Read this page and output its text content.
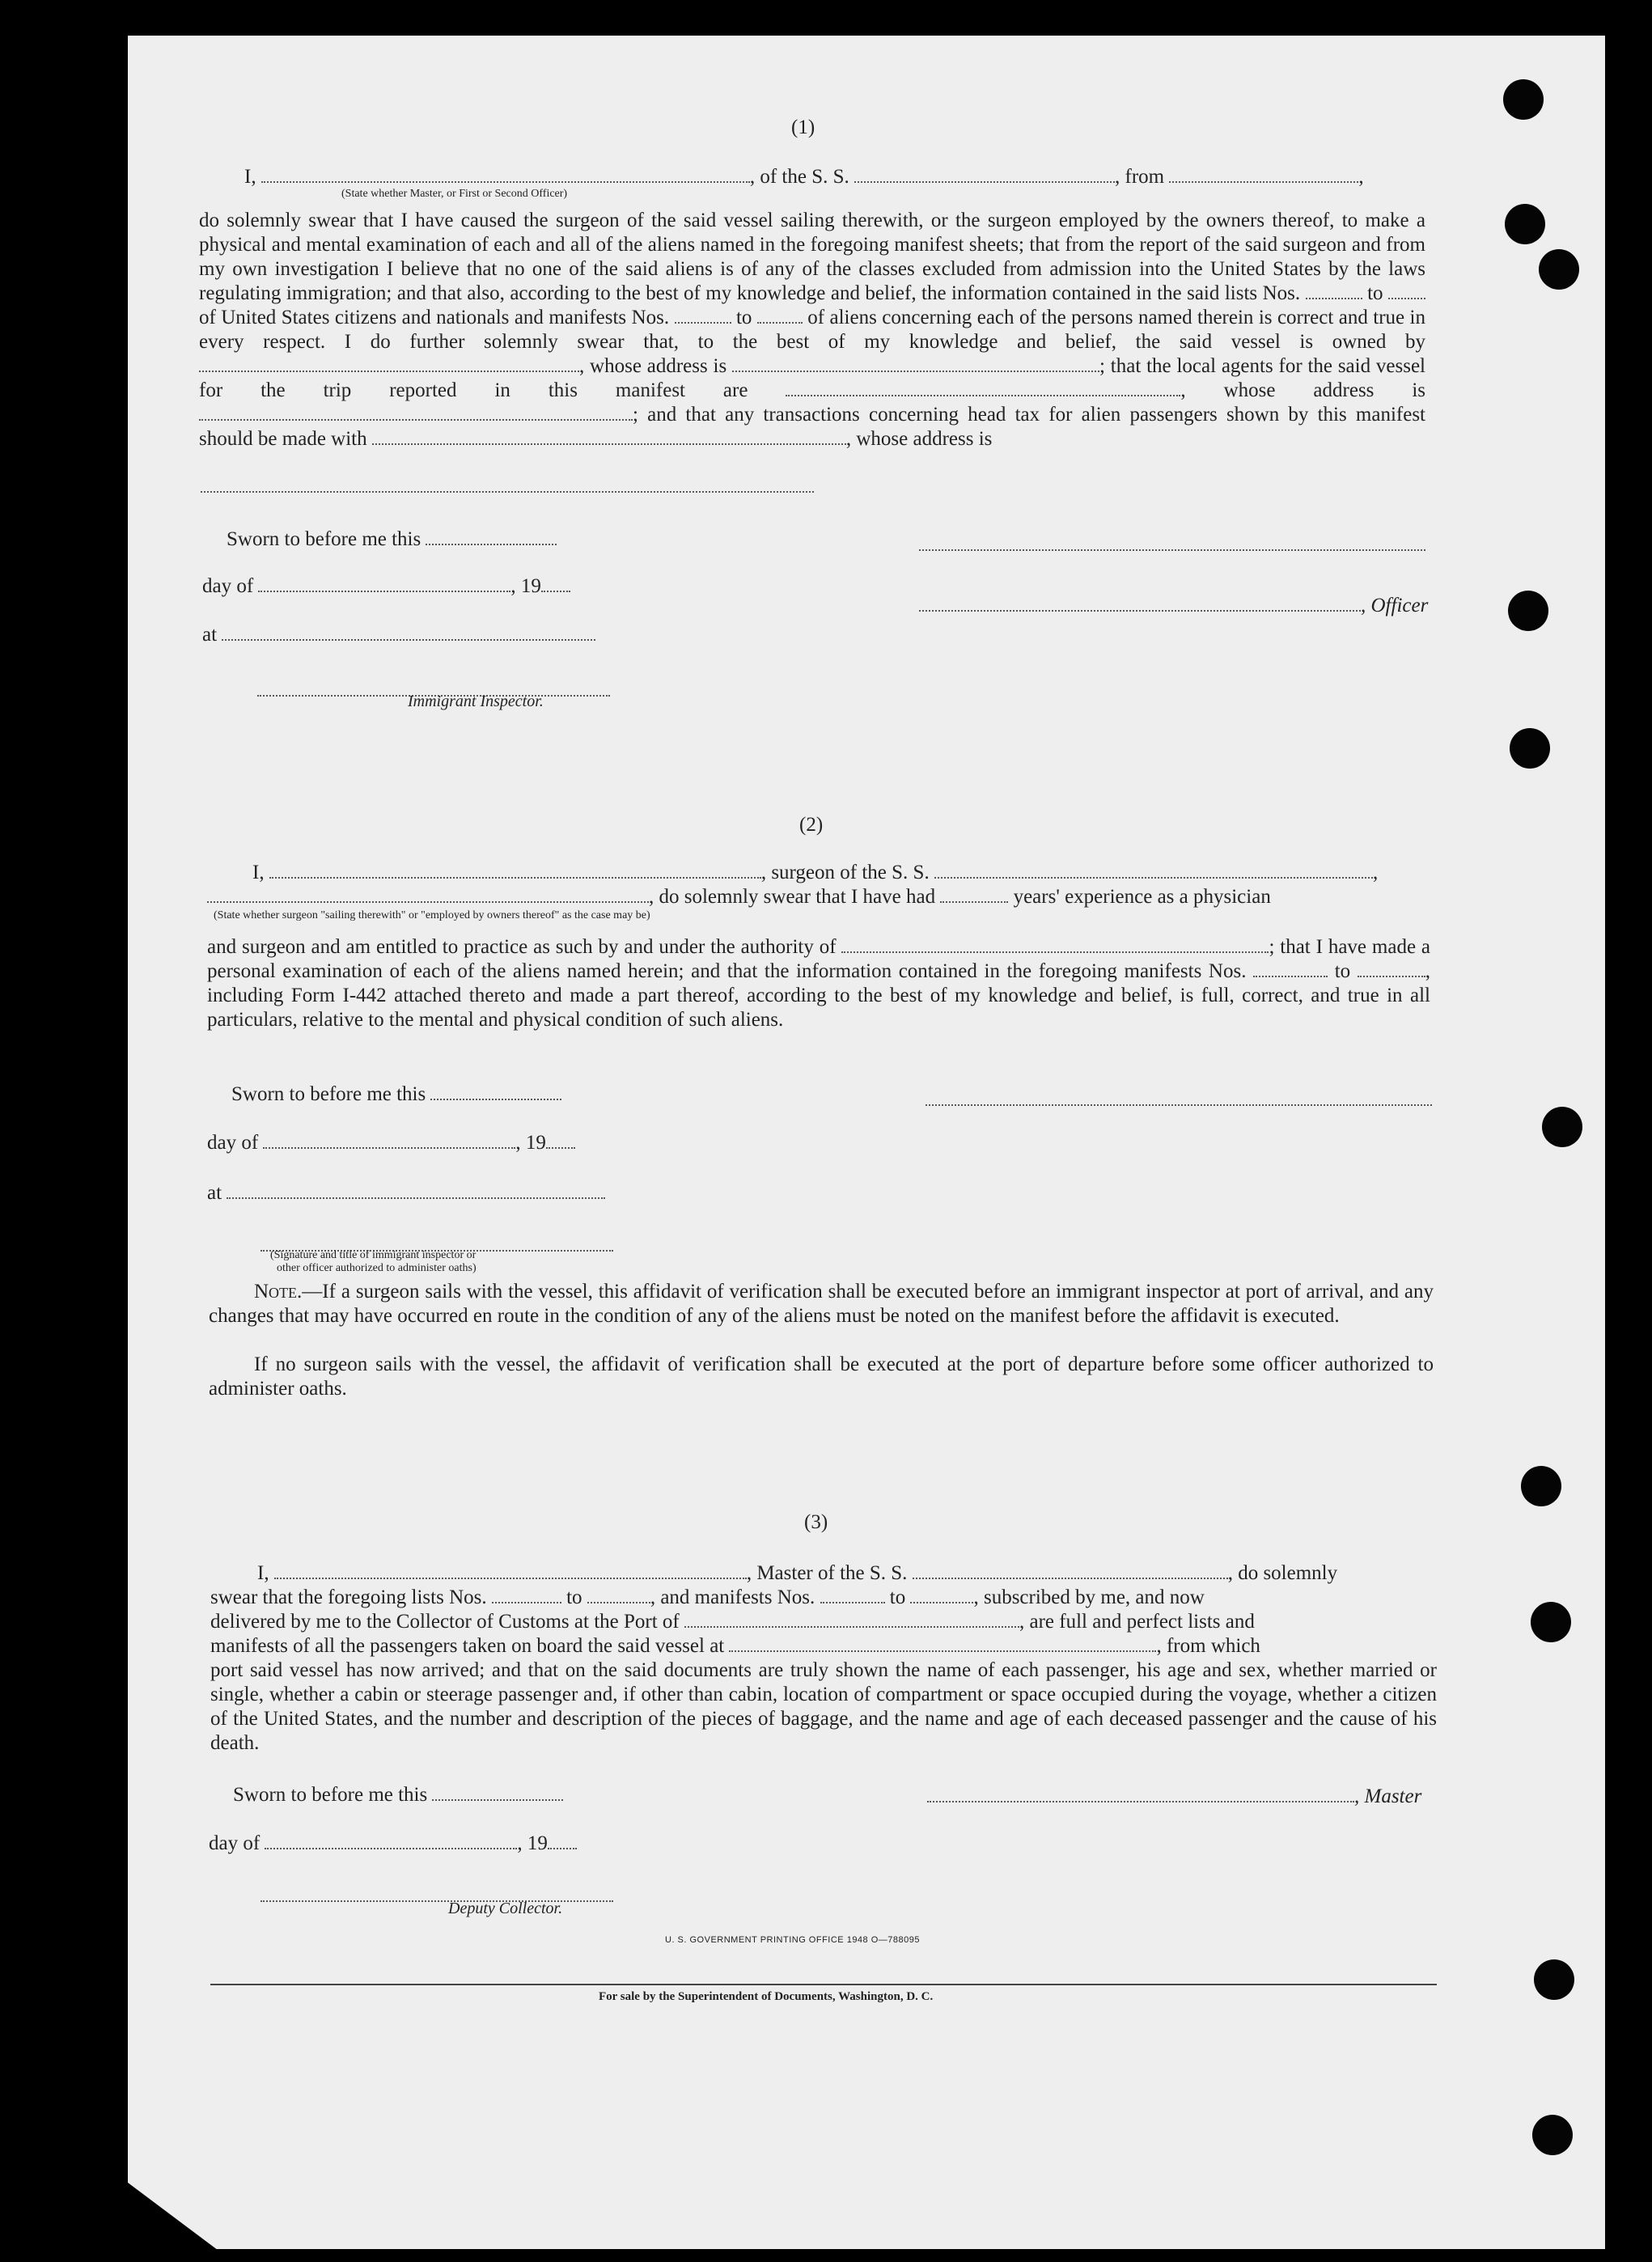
(1)
I,	, of the S. S.	, from	,
(State whether Master, or First or Second Officer)
do solemnly swear that I have caused the surgeon of the said vessel sailing therewith, or the surgeon employed by the owners thereof, to make a physical and mental examination of each and all of the aliens named in the foregoing manifest sheets; that from the report of the said surgeon and from my own investigation I believe that no one of the said aliens is of any of the classes excluded from admission into the United States by the laws regulating immigration; and that also, according to the best of my knowledge and belief, the information contained in the said lists Nos.	to  of United States citizens and nationals and manifests Nos.	to	of aliens concerning each of the persons named therein is correct and true in every respect. I do further solemnly swear that, to the best of my knowledge and belief, the said vessel is owned by , whose address is	; that the local agents for the said vessel for the trip reported in this manifest are	, whose address is ; and that any transactions concerning head tax for alien passengers shown by this manifest should be made with	, whose address is
Sworn to before me this
day of	, 19
at
Immigrant Inspector.
, Officer
(2)
I,	, surgeon of the S. S.	,
, do solemnly swear that I have had	years' experience as a physician
(State whether surgeon "sailing therewith" or "employed by owners thereof" as the case may be)
and surgeon and am entitled to practice as such by and under the authority of	; that I have made a personal examination of each of the aliens named herein; and that the information contained in the foregoing manifests Nos.	to	, including Form I-442 attached thereto and made a part thereof, according to the best of my knowledge and belief, is full, correct, and true in all particulars, relative to the mental and physical condition of such aliens.
Sworn to before me this
day of	, 19
at
(Signature and title of immigrant inspector or
other officer authorized to administer oaths)
Note.—If a surgeon sails with the vessel, this affidavit of verification shall be executed before an immigrant inspector at port of arrival, and any changes that may have occurred en route in the condition of any of the aliens must be noted on the manifest before the affidavit is executed.
If no surgeon sails with the vessel, the affidavit of verification shall be executed at the port of departure before some officer authorized to administer oaths.
(3)
I,	, Master of the S. S.	, do solemnly
swear that the foregoing lists Nos.	to	, and manifests Nos.	to	, subscribed by me, and now
delivered by me to the Collector of Customs at the Port of	, are full and perfect lists and
manifests of all the passengers taken on board the said vessel at	, from which
port said vessel has now arrived; and that on the said documents are truly shown the name of each passenger, his age and sex, whether married or single, whether a cabin or steerage passenger and, if other than cabin, location of compartment or space occupied during the voyage, whether a citizen of the United States, and the number and description of the pieces of baggage, and the name and age of each deceased passenger and the cause of his death.
Sworn to before me this
day of	, 19
Deputy Collector.
, Master
U. S. GOVERNMENT PRINTING OFFICE 1948 O—788095
For sale by the Superintendent of Documents, Washington, D. C.
